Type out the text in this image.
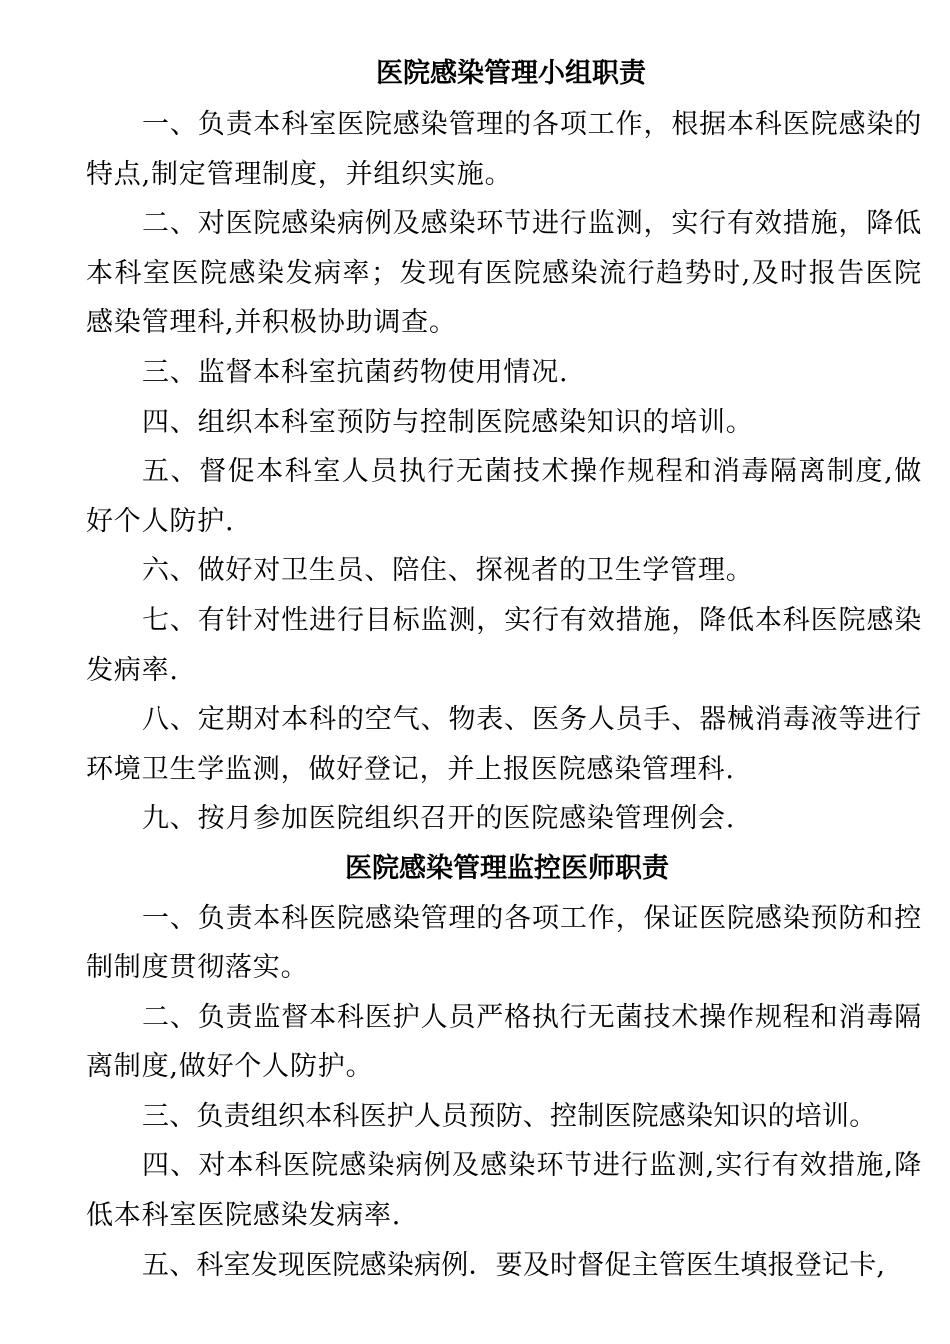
医院感染管理小组职责

一、负责本科室医院感染管理的各项工作，根据本科医院感染的特点,制定管理制度，并组织实施。

二、对医院感染病例及感染环节进行监测，实行有效措施，降低本科室医院感染发病率；发现有医院感染流行趋势时,及时报告医院感染管理科,并积极协助调查。

三、监督本科室抗菌药物使用情况.

四、组织本科室预防与控制医院感染知识的培训。

五、督促本科室人员执行无菌技术操作规程和消毒隔离制度,做好个人防护.

六、做好对卫生员、陪住、探视者的卫生学管理。

七、有针对性进行目标监测，实行有效措施，降低本科医院感染发病率.

八、定期对本科的空气、物表、医务人员手、器械消毒液等进行环境卫生学监测，做好登记，并上报医院感染管理科.

九、按月参加医院组织召开的医院感染管理例会.

医院感染管理监控医师职责

一、负责本科医院感染管理的各项工作，保证医院感染预防和控制制度贯彻落实。

二、负责监督本科医护人员严格执行无菌技术操作规程和消毒隔离制度,做好个人防护。

三、负责组织本科医护人员预防、控制医院感染知识的培训。

四、对本科医院感染病例及感染环节进行监测,实行有效措施,降低本科室医院感染发病率.

五、科室发现医院感染病例．要及时督促主管医生填报登记卡,
